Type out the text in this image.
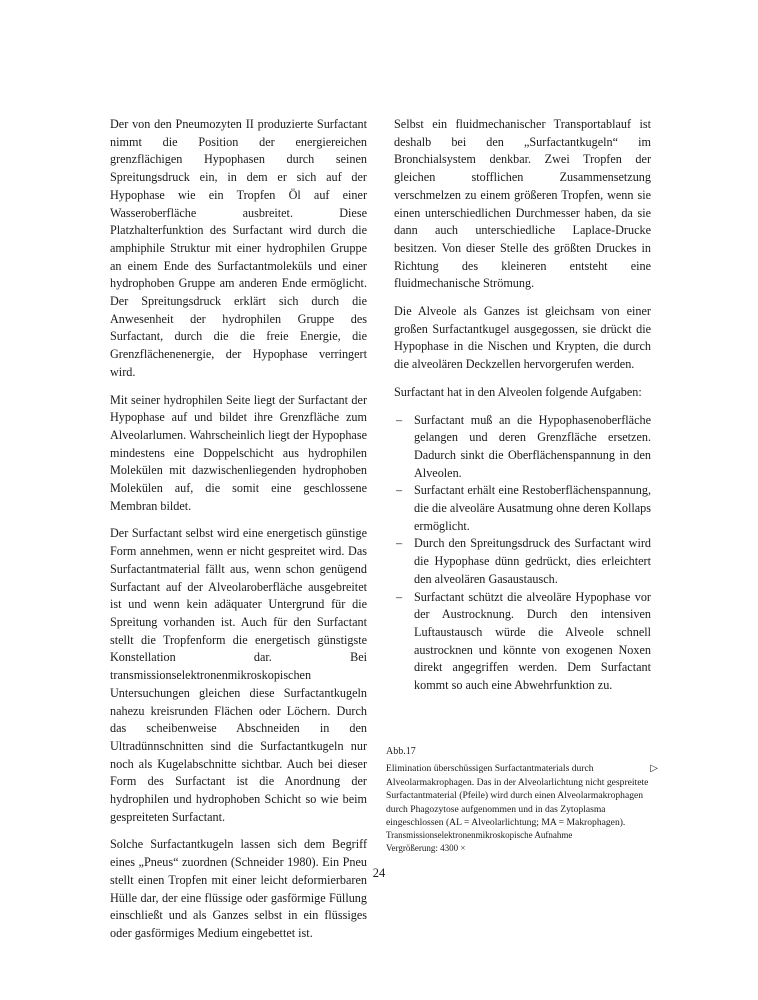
Der von den Pneumozyten II produzierte Surfactant nimmt die Position der energiereichen grenzflächigen Hypophasen durch seinen Spreitungsdruck ein, in dem er sich auf der Hypophase wie ein Tropfen Öl auf einer Wasseroberfläche ausbreitet. Diese Platzhalterfunktion des Surfactant wird durch die amphiphile Struktur mit einer hydrophilen Gruppe an einem Ende des Surfactantmoleküls und einer hydrophoben Gruppe am anderen Ende ermöglicht. Der Spreitungsdruck erklärt sich durch die Anwesenheit der hydrophilen Gruppe des Surfactant, durch die die freie Energie, die Grenzflächenenergie, der Hypophase verringert wird.

Mit seiner hydrophilen Seite liegt der Surfactant der Hypophase auf und bildet ihre Grenzfläche zum Alveolarlumen. Wahrscheinlich liegt der Hypophase mindestens eine Doppelschicht aus hydrophilen Molekülen mit dazwischenliegenden hydrophoben Molekülen auf, die somit eine geschlossene Membran bildet.

Der Surfactant selbst wird eine energetisch günstige Form annehmen, wenn er nicht gespreitet wird. Das Surfactantmaterial fällt aus, wenn schon genügend Surfactant auf der Alveolaroberfläche ausgebreitet ist und wenn kein adäquater Untergrund für die Spreitung vorhanden ist. Auch für den Surfactant stellt die Tropfenform die energetisch günstigste Konstellation dar. Bei transmissionselektronenmikroskopischen Untersuchungen gleichen diese Surfactantkugeln nahezu kreisrunden Flächen oder Löchern. Durch das scheibenweise Abschneiden in den Ultradünnschnitten sind die Surfactantkugeln nur noch als Kugelabschnitte sichtbar. Auch bei dieser Form des Surfactant ist die Anordnung der hydrophilen und hydrophoben Schicht so wie beim gespreiteten Surfactant.

Solche Surfactantkugeln lassen sich dem Begriff eines „Pneus“ zuordnen (Schneider 1980). Ein Pneu stellt einen Tropfen mit einer leicht deformierbaren Hülle dar, der eine flüssige oder gasförmige Füllung einschließt und als Ganzes selbst in ein flüssiges oder gasförmiges Medium eingebettet ist.

Selbst ein fluidmechanischer Transportablauf ist deshalb bei den „Surfactantkugeln“ im Bronchialsystem denkbar. Zwei Tropfen der gleichen stofflichen Zusammensetzung verschmelzen zu einem größeren Tropfen, wenn sie einen unterschiedlichen Durchmesser haben, da sie dann auch unterschiedliche Laplace-Drucke besitzen. Von dieser Stelle des größten Druckes in Richtung des kleineren entsteht eine fluidmechanische Strömung.

Die Alveole als Ganzes ist gleichsam von einer großen Surfactantkugel ausgegossen, sie drückt die Hypophase in die Nischen und Krypten, die durch die alveolären Deckzellen hervorgerufen werden.

Surfactant hat in den Alveolen folgende Aufgaben:

– Surfactant muß an die Hypophasenoberfläche gelangen und deren Grenzfläche ersetzen. Dadurch sinkt die Oberflächenspannung in den Alveolen.
– Surfactant erhält eine Restoberflächenspannung, die die alveoläre Ausatmung ohne deren Kollaps ermöglicht.
– Durch den Spreitungsdruck des Surfactant wird die Hypophase dünn gedrückt, dies erleichtert den alveolären Gasaustausch.
– Surfactant schützt die alveoläre Hypophase vor der Austrocknung. Durch den intensiven Luftaustausch würde die Alveole schnell austrocknen und könnte von exogenen Noxen direkt angegriffen werden. Dem Surfactant kommt so auch eine Abwehrfunktion zu.
Abb.17
▷
Elimination überschüssigen Surfactantmaterials durch Alveolarmakrophagen. Das in der Alveolarlichtung nicht gespreitete Surfactantmaterial (Pfeile) wird durch einen Alveolarmakrophagen durch Phagozytose aufgenommen und in das Zytoplasma eingeschlossen (AL = Alveolarlichtung; MA = Makrophagen).
Transmissionselektronenmikroskopische Aufnahme
Vergrößerung: 4300 ×
24
